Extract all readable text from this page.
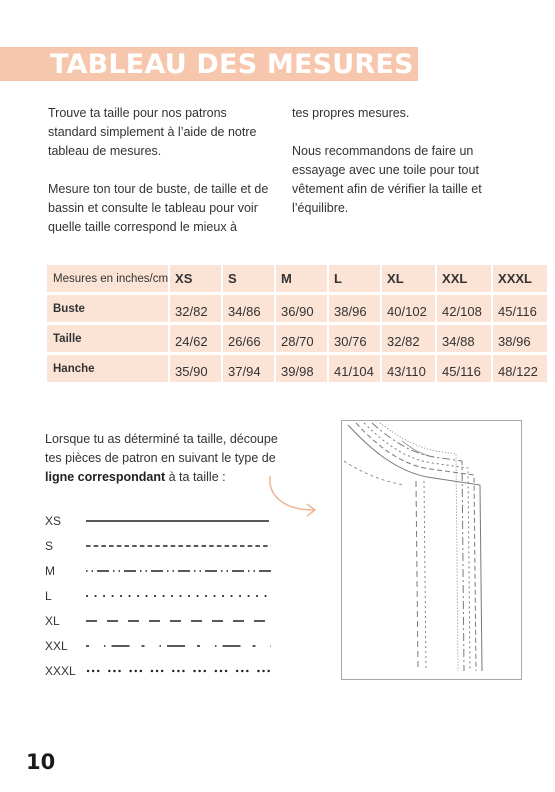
TABLEAU DES MESURES

Trouve ta taille pour nos patrons standard simplement à l’aide de notre tableau de mesures.

Mesure ton tour de buste, de taille et de bassin et consulte le tableau pour voir quelle taille correspond le mieux à

tes propres mesures.

Nous recommandons de faire un essayage avec une toile pour tout vêtement afin de vérifier la taille et l’équilibre.

Mesures en inches/cm	XS	S	M	L	XL	XXL	XXXL
Buste	32/82	34/86	36/90	38/96	40/102	42/108	45/116
Taille	24/62	26/66	28/70	30/76	32/82	34/88	38/96
Hanche	35/90	37/94	39/98	41/104	43/110	45/116	48/122

Lorsque tu as déterminé ta taille, découpe tes pièces de patron en suivant le type de ligne correspondant à ta taille :

XS
S
M
L
XL
XXL
XXXL
10
